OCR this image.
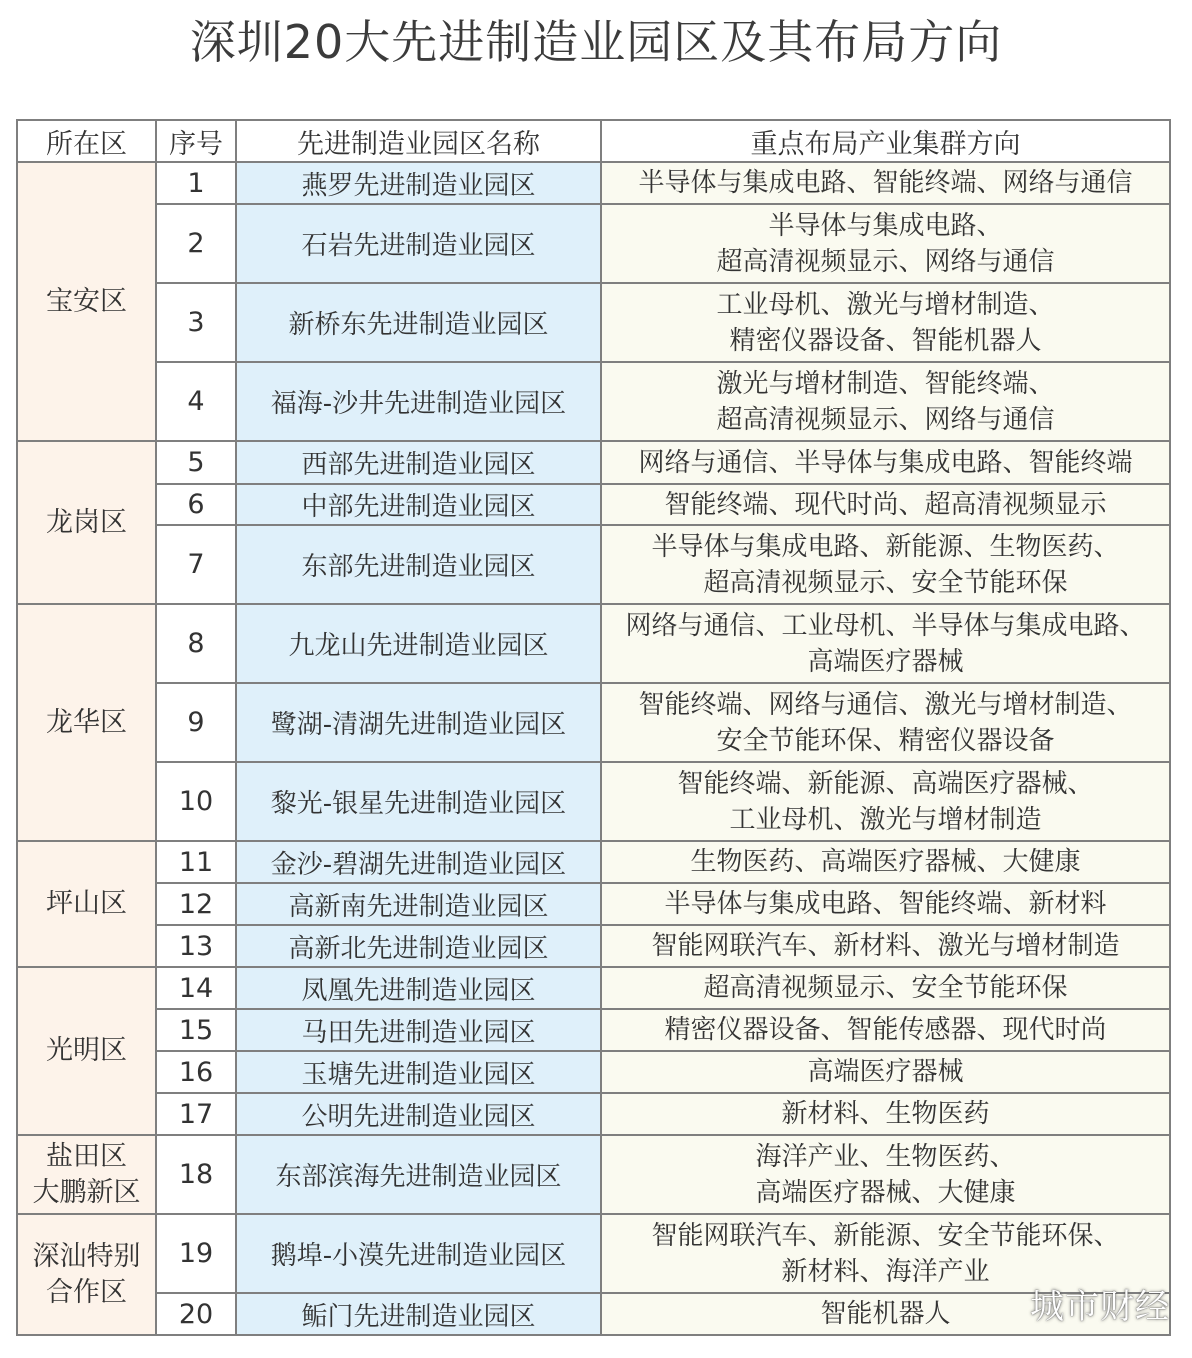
深圳20大先进制造业园区及其布局方向
所在区	序号	先进制造业园区名称	重点布局产业集群方向

宝安区	1	燕罗先进制造业园区	半导体与集成电路、智能终端、网络与通信

	2	石岩先进制造业园区	半导体与集成电路、
超高清视频显示、网络与通信

	3	新桥东先进制造业园区	工业母机、激光与增材制造、
精密仪器设备、智能机器人

	4	福海-沙井先进制造业园区	激光与增材制造、智能终端、
超高清视频显示、网络与通信

龙岗区	5	西部先进制造业园区	网络与通信、半导体与集成电路、智能终端

	6	中部先进制造业园区	智能终端、现代时尚、超高清视频显示

	7	东部先进制造业园区	半导体与集成电路、新能源、生物医药、
超高清视频显示、安全节能环保

龙华区	8	九龙山先进制造业园区	网络与通信、工业母机、半导体与集成电路、
高端医疗器械

	9	鹭湖-清湖先进制造业园区	智能终端、网络与通信、激光与增材制造、
安全节能环保、精密仪器设备

	10	黎光-银星先进制造业园区	智能终端、新能源、高端医疗器械、
工业母机、激光与增材制造

坪山区	11	金沙-碧湖先进制造业园区	生物医药、高端医疗器械、大健康

	12	高新南先进制造业园区	半导体与集成电路、智能终端、新材料

	13	高新北先进制造业园区	智能网联汽车、新材料、激光与增材制造

光明区	14	凤凰先进制造业园区	超高清视频显示、安全节能环保

	15	马田先进制造业园区	精密仪器设备、智能传感器、现代时尚

	16	玉塘先进制造业园区	高端医疗器械

	17	公明先进制造业园区	新材料、生物医药

盐田区
大鹏新区	18	东部滨海先进制造业园区	海洋产业、生物医药、
高端医疗器械、大健康

深汕特别
合作区	19	鹅埠-小漠先进制造业园区	智能网联汽车、新能源、安全节能环保、
新材料、海洋产业

	20	鲘门先进制造业园区	智能机器人	城市财经
